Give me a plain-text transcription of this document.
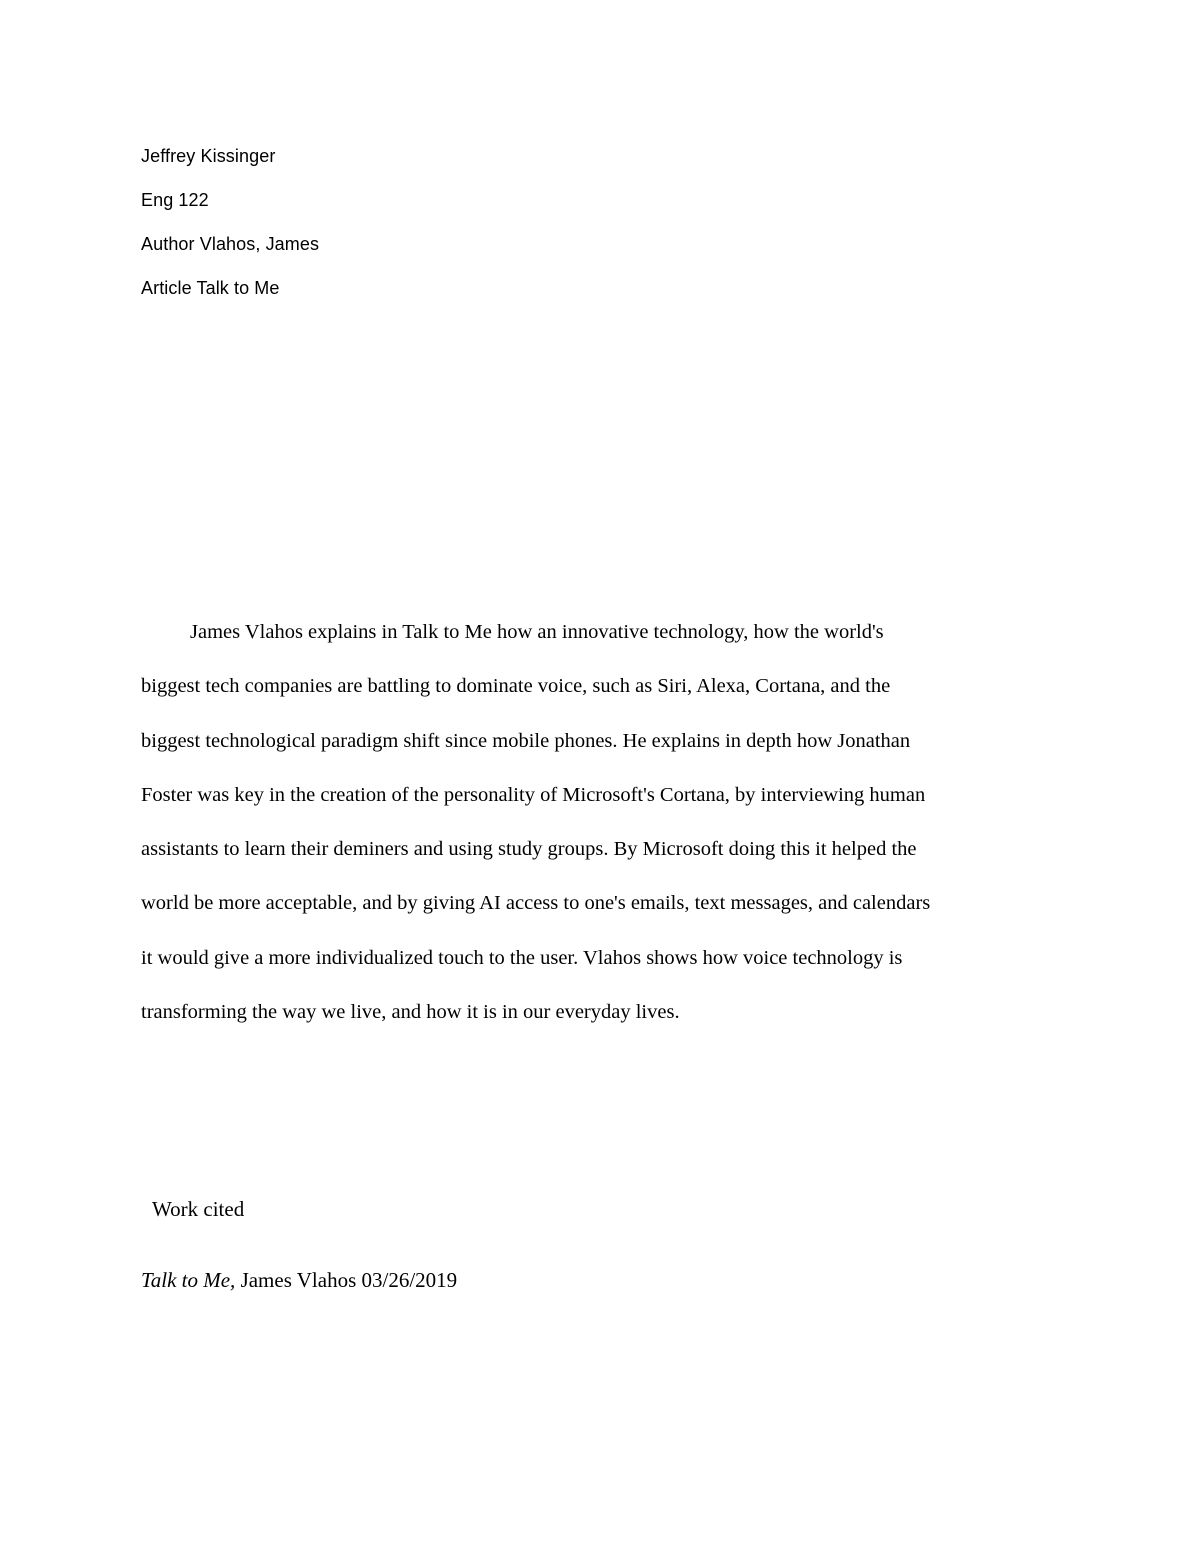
Jeffrey Kissinger
Eng 122
Author Vlahos, James
Article Talk to Me

James Vlahos explains in Talk to Me how an innovative technology, how the world's
biggest tech companies are battling to dominate voice, such as Siri, Alexa, Cortana, and the
biggest technological paradigm shift since mobile phones. He explains in depth how Jonathan
Foster was key in the creation of the personality of Microsoft's Cortana, by interviewing human
assistants to learn their deminers and using study groups. By Microsoft doing this it helped the
world be more acceptable, and by giving AI access to one's emails, text messages, and calendars
it would give a more individualized touch to the user. Vlahos shows how voice technology is
transforming the way we live, and how it is in our everyday lives.

Work cited
Talk to Me, James Vlahos 03/26/2019
